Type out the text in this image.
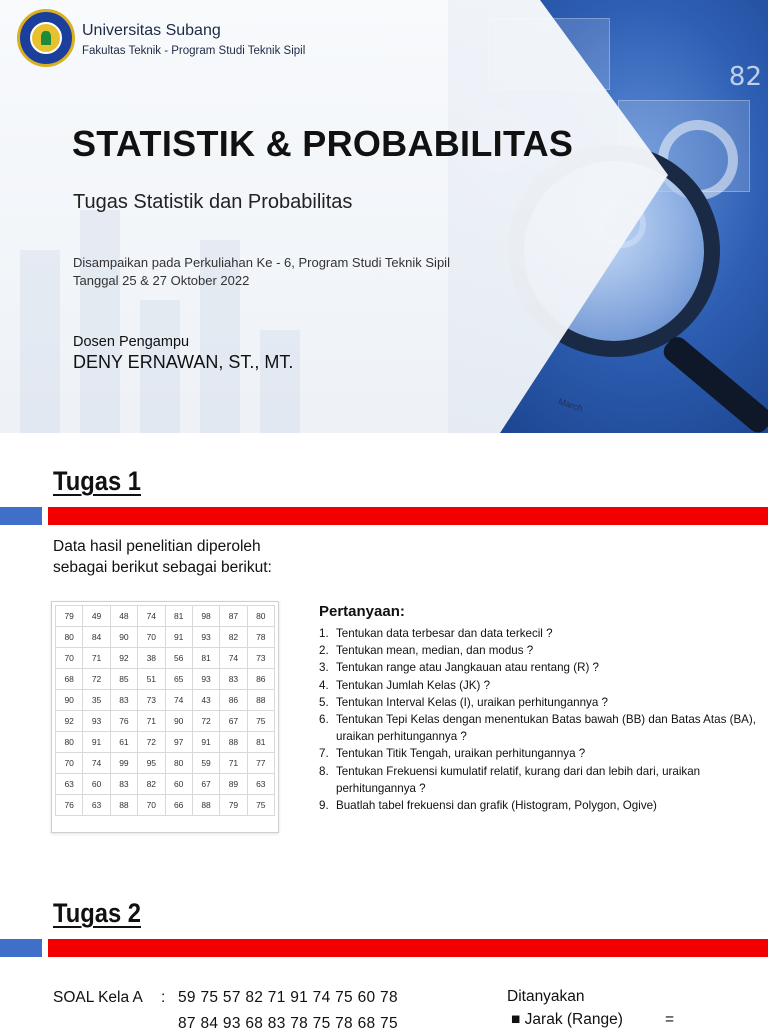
82
March
Universitas Subang
Fakultas Teknik - Program Studi Teknik Sipil
STATISTIK & PROBABILITAS
Tugas Statistik dan Probabilitas
Disampaikan pada Perkuliahan Ke - 6, Program Studi Teknik Sipil
Tanggal 25 & 27 Oktober 2022
Dosen Pengampu
DENY ERNAWAN, ST., MT.
Tugas 1
Data hasil penelitian diperoleh
sebagai berikut sebagai berikut:
79	49	48	74	81	98	87	80
80	84	90	70	91	93	82	78
70	71	92	38	56	81	74	73
68	72	85	51	65	93	83	86
90	35	83	73	74	43	86	88
92	93	76	71	90	72	67	75
80	91	61	72	97	91	88	81
70	74	99	95	80	59	71	77
63	60	83	82	60	67	89	63
76	63	88	70	66	88	79	75
Pertanyaan:
1. Tentukan data terbesar dan data terkecil ?
2. Tentukan mean, median, dan modus ?
3. Tentukan range atau Jangkauan atau rentang (R) ?
4. Tentukan Jumlah Kelas (JK) ?
5. Tentukan Interval Kelas (I), uraikan perhitungannya ?
6. Tentukan Tepi Kelas dengan menentukan Batas bawah (BB) dan Batas Atas (BA), uraikan perhitungannya ?
7. Tentukan Titik Tengah, uraikan perhitungannya ?
8. Tentukan Frekuensi kumulatif relatif, kurang dari dan lebih dari, uraikan perhitungannya ?
9. Buatlah tabel frekuensi dan grafik (Histogram, Polygon, Ogive)
Tugas 2
SOAL Kela A : 59 75 57 82 71 91 74 75 60 78
87 84 93 68 83 78 75 78 68 75
Ditanyakan
■ Jarak (Range)	=
